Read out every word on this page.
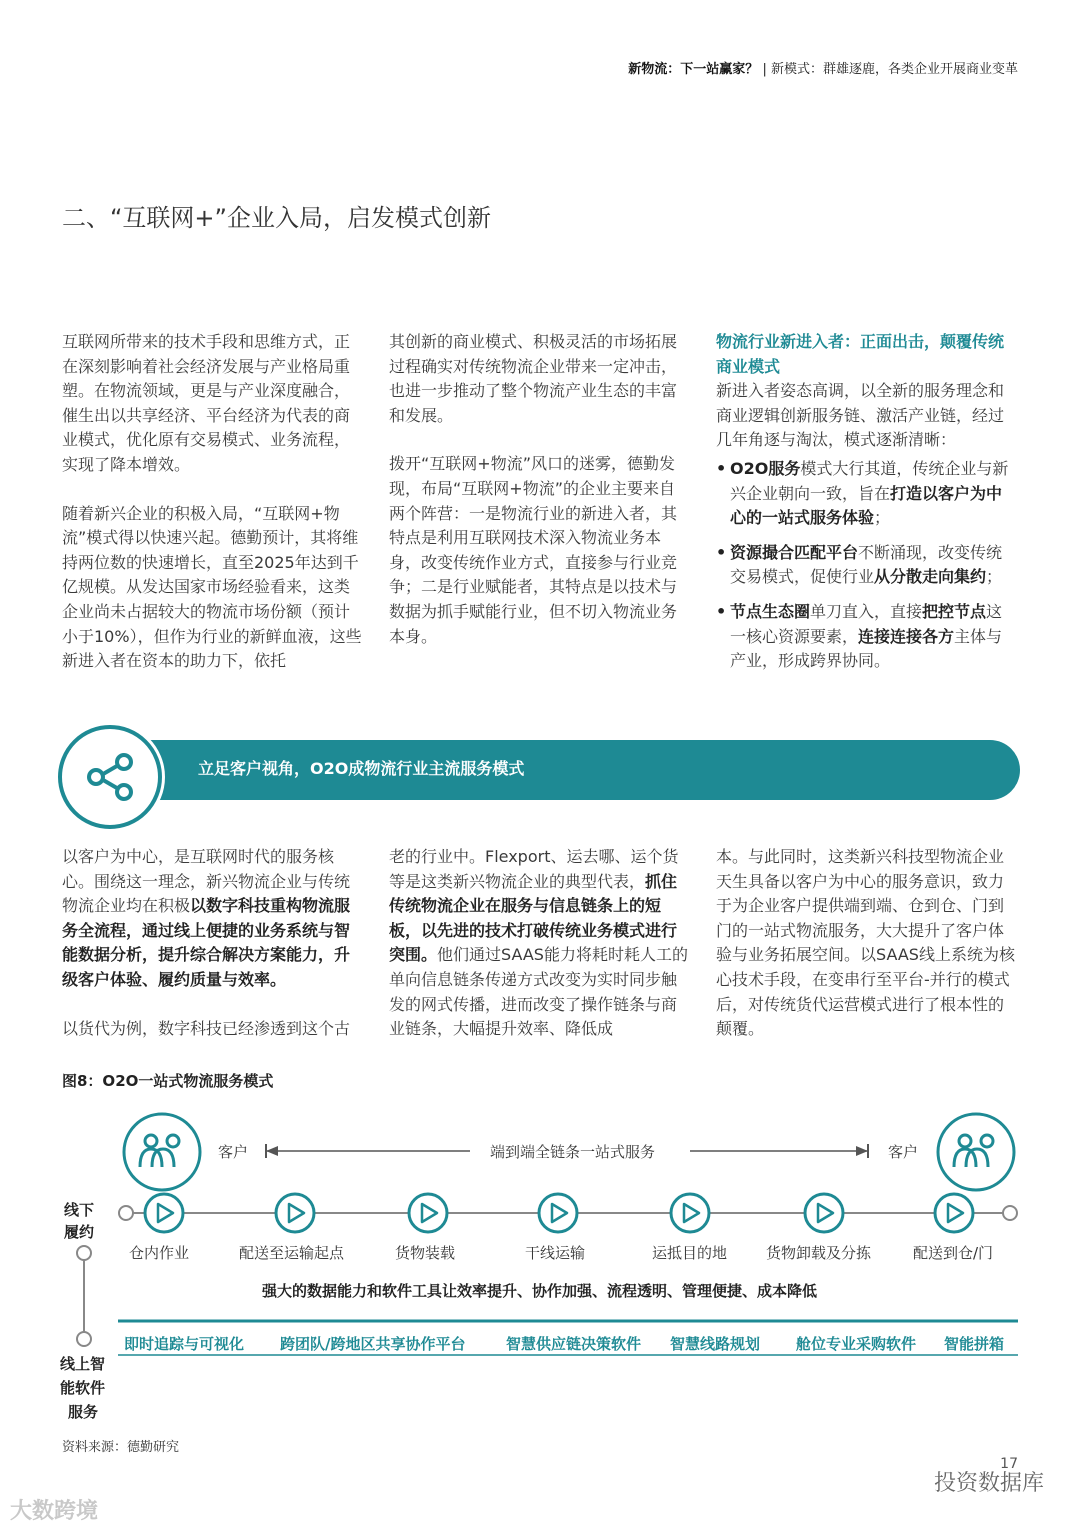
新物流：下一站赢家？ | 新模式：群雄逐鹿，各类企业开展商业变革
二、“互联网+”企业入局，启发模式创新

互联网所带来的技术手段和思维方式，正在深刻影响着社会经济发展与产业格局重塑。在物流领域，更是与产业深度融合，催生出以共享经济、平台经济为代表的商业模式，优化原有交易模式、业务流程，实现了降本增效。

随着新兴企业的积极入局，“互联网+物流”模式得以快速兴起。德勤预计，其将维持两位数的快速增长，直至2025年达到千亿规模。从发达国家市场经验看来，这类企业尚未占据较大的物流市场份额（预计小于10%），但作为行业的新鲜血液，这些新进入者在资本的助力下，依托

其创新的商业模式、积极灵活的市场拓展过程确实对传统物流企业带来一定冲击，也进一步推动了整个物流产业生态的丰富和发展。

拨开“互联网+物流”风口的迷雾，德勤发现，布局“互联网+物流”的企业主要来自两个阵营：一是物流行业的新进入者，其特点是利用互联网技术深入物流业务本身，改变传统作业方式，直接参与行业竞争；二是行业赋能者，其特点是以技术与数据为抓手赋能行业，但不切入物流业务本身。

物流行业新进入者：正面出击，颠覆传统商业模式
新进入者姿态高调，以全新的服务理念和商业逻辑创新服务链、激活产业链，经过几年角逐与淘汰，模式逐渐清晰：
• O2O服务模式大行其道，传统企业与新兴企业朝向一致，旨在打造以客户为中心的一站式服务体验；
• 资源撮合匹配平台不断涌现，改变传统交易模式，促使行业从分散走向集约；
• 节点生态圈单刀直入，直接把控节点这一核心资源要素，连接连接各方主体与产业，形成跨界协同。
立足客户视角，O2O成物流行业主流服务模式

以客户为中心，是互联网时代的服务核心。围绕这一理念，新兴物流企业与传统物流企业均在积极以数字科技重构物流服务全流程，通过线上便捷的业务系统与智能数据分析，提升综合解决方案能力，升级客户体验、履约质量与效率。

以货代为例，数字科技已经渗透到这个古

老的行业中。Flexport、运去哪、运个货等是这类新兴物流企业的典型代表，抓住传统物流企业在服务与信息链条上的短板，以先进的技术打破传统业务模式进行突围。他们通过SAAS能力将耗时耗人工的单向信息链条传递方式改变为实时同步触发的网式传播，进而改变了操作链条与商业链条，大幅提升效率、降低成

本。与此同时，这类新兴科技型物流企业天生具备以客户为中心的服务意识，致力于为企业客户提供端到端、仓到仓、门到门的一站式物流服务，大大提升了客户体验与业务拓展空间。以SAAS线上系统为核心技术手段，在变串行至平台-并行的模式后，对传统货代运营模式进行了根本性的颠覆。

图8：O2O一站式物流服务模式
客户	客户
端到端全链条一站式服务
线下
履约
仓内作业	配送至运输起点	货物装载	干线运输	运抵目的地	货物卸载及分拣	配送到仓/门
强大的数据能力和软件工具让效率提升、协作加强、流程透明、管理便捷、成本降低
即时追踪与可视化 跨团队/跨地区共享协作平台	智慧供应链决策软件 智慧线路规划 舱位专业采购软件 智能拼箱
线上智
能软件
服务
资料来源：德勤研究
17
大数跨境
投资数据库
